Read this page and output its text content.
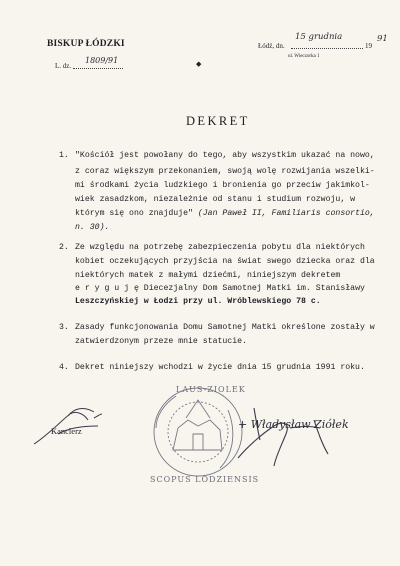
BISKUP ŁÓDZKI
15 grudnia	91
Łódź, dn.	19
ul. Wieczorka 1
L. dz.
1809/91	◆
DEKRET
1. "Kościół jest powołany do tego, aby wszystkim ukazać na nowo,
z coraz większym przekonaniem, swoją wolę rozwijania wszelki-
mi środkami życia ludzkiego i bronienia go przeciw jakimkol-
wiek zasadzkom, niezależnie od stanu i studium rozwoju, w
którym się ono znajduje" (Jan Paweł II, Familiaris consortio,
n. 30).
2. Ze względu na potrzebę zabezpieczenia pobytu dla niektórych
kobiet oczekujących przyjścia na świat swego dziecka oraz dla
niektórych matek z małymi dziećmi, niniejszym dekretem
e r y g u j ę Diecezjalny Dom Samotnej Matki im. Stanisławy
Leszczyńskiej w Łodzi przy ul. Wróblewskiego 78 c.
3. Zasady funkcjonowania Domu Samotnej Matki określone zostały w
zatwierdzonym przeze mnie statucie.
4. Dekret niniejszy wchodzi w życie dnia 15 grudnia 1991 roku.
LAUS-ZIOLEK
SCOPUS LODZIENSIS
Kanclerz	+ Władysław Ziółek
